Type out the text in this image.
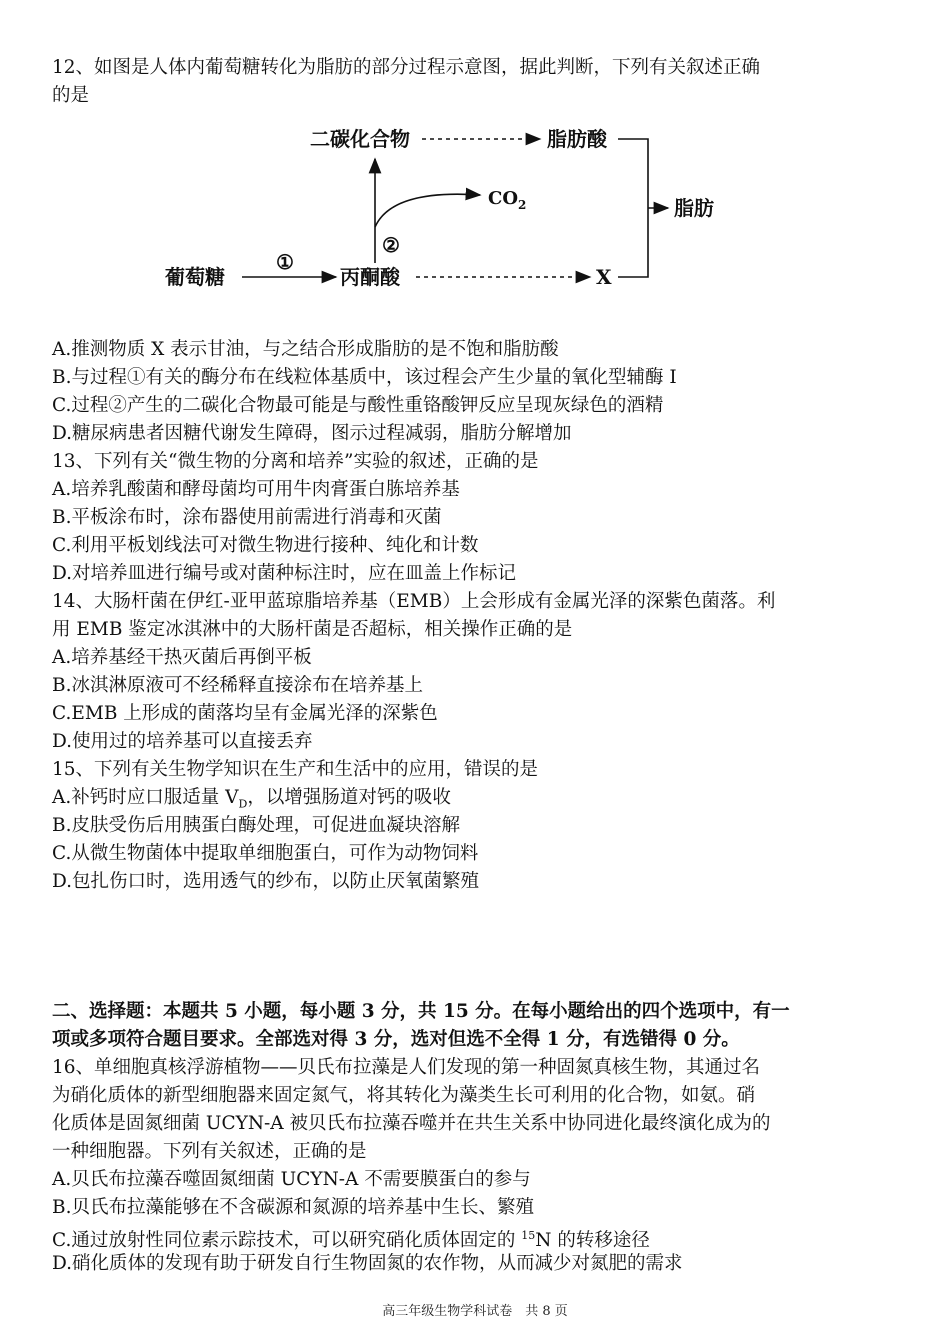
12、如图是人体内葡萄糖转化为脂肪的部分过程示意图，据此判断，下列有关叙述正确
的是
二碳化合物	脂肪酸
脂肪
$CO_2$
②
葡萄糖
①
丙酮酸	X
A.推测物质 X 表示甘油，与之结合形成脂肪的是不饱和脂肪酸
B.与过程①有关的酶分布在线粒体基质中，该过程会产生少量的氧化型辅酶 I
C.过程②产生的二碳化合物最可能是与酸性重铬酸钾反应呈现灰绿色的酒精
D.糖尿病患者因糖代谢发生障碍，图示过程减弱，脂肪分解增加
13、下列有关“微生物的分离和培养”实验的叙述，正确的是
A.培养乳酸菌和酵母菌均可用牛肉膏蛋白胨培养基
B.平板涂布时，涂布器使用前需进行消毒和灭菌
C.利用平板划线法可对微生物进行接种、纯化和计数
D.对培养皿进行编号或对菌种标注时，应在皿盖上作标记
14、大肠杆菌在伊红-亚甲蓝琼脂培养基（EMB）上会形成有金属光泽的深紫色菌落。利
用 EMB 鉴定冰淇淋中的大肠杆菌是否超标，相关操作正确的是
A.培养基经干热灭菌后再倒平板
B.冰淇淋原液可不经稀释直接涂布在培养基上
C.EMB 上形成的菌落均呈有金属光泽的深紫色
D.使用过的培养基可以直接丢弃
15、下列有关生物学知识在生产和生活中的应用，错误的是
A.补钙时应口服适量 $V_D$，以增强肠道对钙的吸收
B.皮肤受伤后用胰蛋白酶处理，可促进血凝块溶解
C.从微生物菌体中提取单细胞蛋白，可作为动物饲料
D.包扎伤口时，选用透气的纱布，以防止厌氧菌繁殖
二、选择题：本题共 5 小题，每小题 3 分，共 15 分。在每小题给出的四个选项中，有一
项或多项符合题目要求。全部选对得 3 分，选对但选不全得 1 分，有选错得 0 分。
16、单细胞真核浮游植物——贝氏布拉藻是人们发现的第一种固氮真核生物，其通过名
为硝化质体的新型细胞器来固定氮气，将其转化为藻类生长可利用的化合物，如氨。硝
化质体是固氮细菌 UCYN-A 被贝氏布拉藻吞噬并在共生关系中协同进化最终演化成为的
一种细胞器。下列有关叙述，正确的是
A.贝氏布拉藻吞噬固氮细菌 UCYN-A 不需要膜蛋白的参与
B.贝氏布拉藻能够在不含碳源和氮源的培养基中生长、繁殖
C.通过放射性同位素示踪技术，可以研究硝化质体固定的 $^{15}$N 的转移途径
D.硝化质体的发现有助于研发自行生物固氮的农作物，从而减少对氮肥的需求
高三年级生物学科试卷　共 8 页
